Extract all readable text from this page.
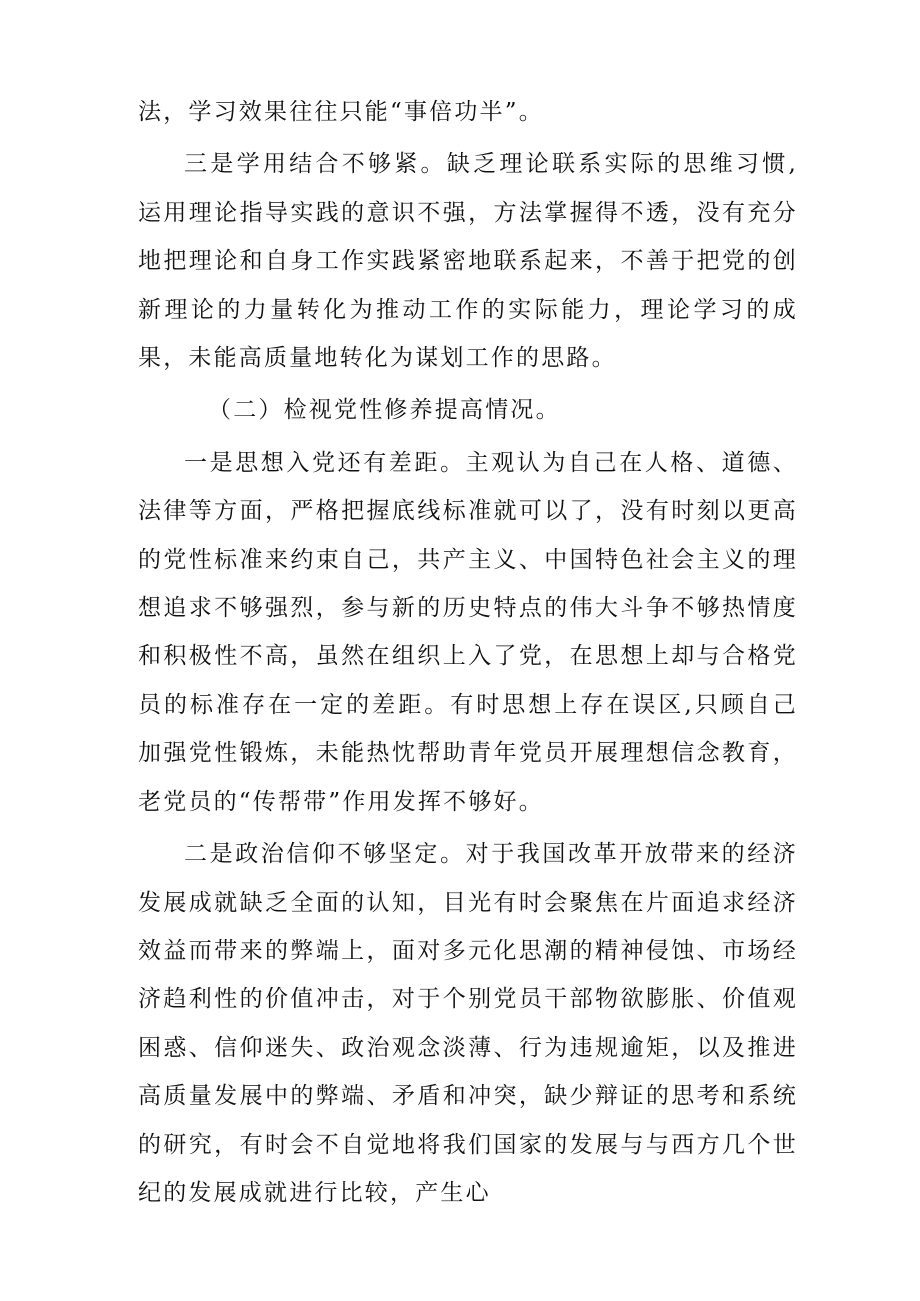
法，学习效果往往只能“事倍功半”。

三是学用结合不够紧。缺乏理论联系实际的思维习惯,运用理论指导实践的意识不强，方法掌握得不透，没有充分地把理论和自身工作实践紧密地联系起来，不善于把党的创新理论的力量转化为推动工作的实际能力，理论学习的成果，未能高质量地转化为谋划工作的思路。

（二）检视党性修养提高情况。

一是思想入党还有差距。主观认为自己在人格、道德、法律等方面，严格把握底线标准就可以了，没有时刻以更高的党性标准来约束自己，共产主义、中国特色社会主义的理想追求不够强烈，参与新的历史特点的伟大斗争不够热情度和积极性不高，虽然在组织上入了党，在思想上却与合格党员的标准存在一定的差距。有时思想上存在误区,只顾自己加强党性锻炼，未能热忱帮助青年党员开展理想信念教育，老党员的“传帮带”作用发挥不够好。

二是政治信仰不够坚定。对于我国改革开放带来的经济发展成就缺乏全面的认知，目光有时会聚焦在片面追求经济效益而带来的弊端上，面对多元化思潮的精神侵蚀、市场经济趋利性的价值冲击，对于个别党员干部物欲膨胀、价值观困惑、信仰迷失、政治观念淡薄、行为违规逾矩，以及推进高质量发展中的弊端、矛盾和冲突，缺少辩证的思考和系统的研究，有时会不自觉地将我们国家的发展与与西方几个世纪的发展成就进行比较，产生心
